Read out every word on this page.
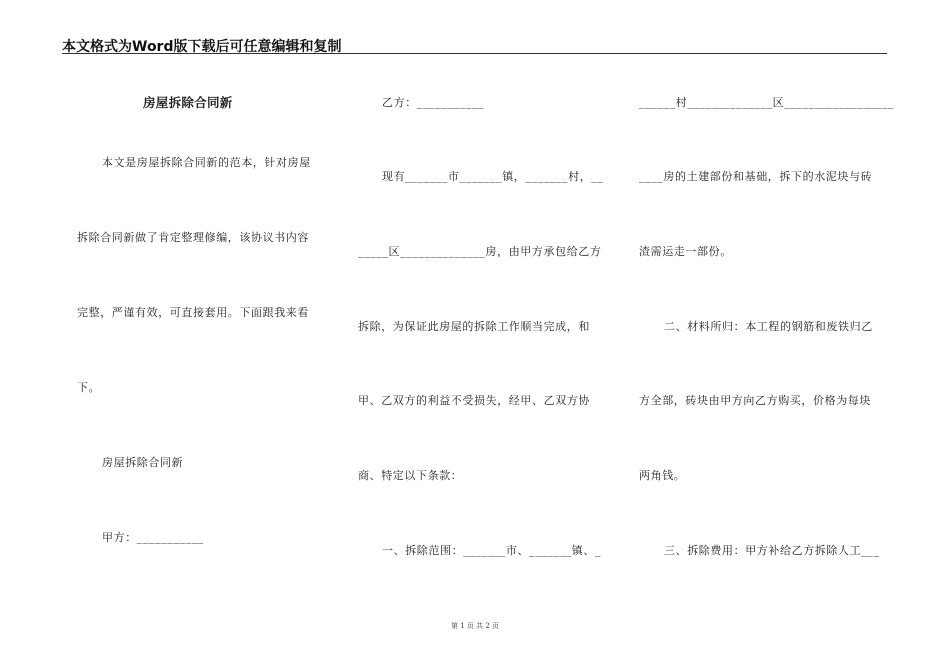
本文格式为Word版下载后可任意编辑和复制
房屋拆除合同新
本文是房屋拆除合同新的范本，针对房屋
拆除合同新做了肯定整理修编，该协议书内容
完整，严谨有效，可直接套用。下面跟我来看
下。
房屋拆除合同新
甲方：___________
乙方：___________
现有_______市_______镇，_______村，__
_____区______________房，由甲方承包给乙方
拆除，为保证此房屋的拆除工作顺当完成，和
甲、乙双方的利益不受损失，经甲、乙双方协
商、特定以下条款：
一、拆除范围：_______市、_______镇、_
______村______________区__________________
____房的土建部份和基础，拆下的水泥块与砖
渣需运走一部份。
二、材料所归：本工程的钢筋和废铁归乙
方全部，砖块由甲方向乙方购买，价格为每块
两角钱。
三、拆除费用：甲方补给乙方拆除人工___
第 1 页 共 2 页
